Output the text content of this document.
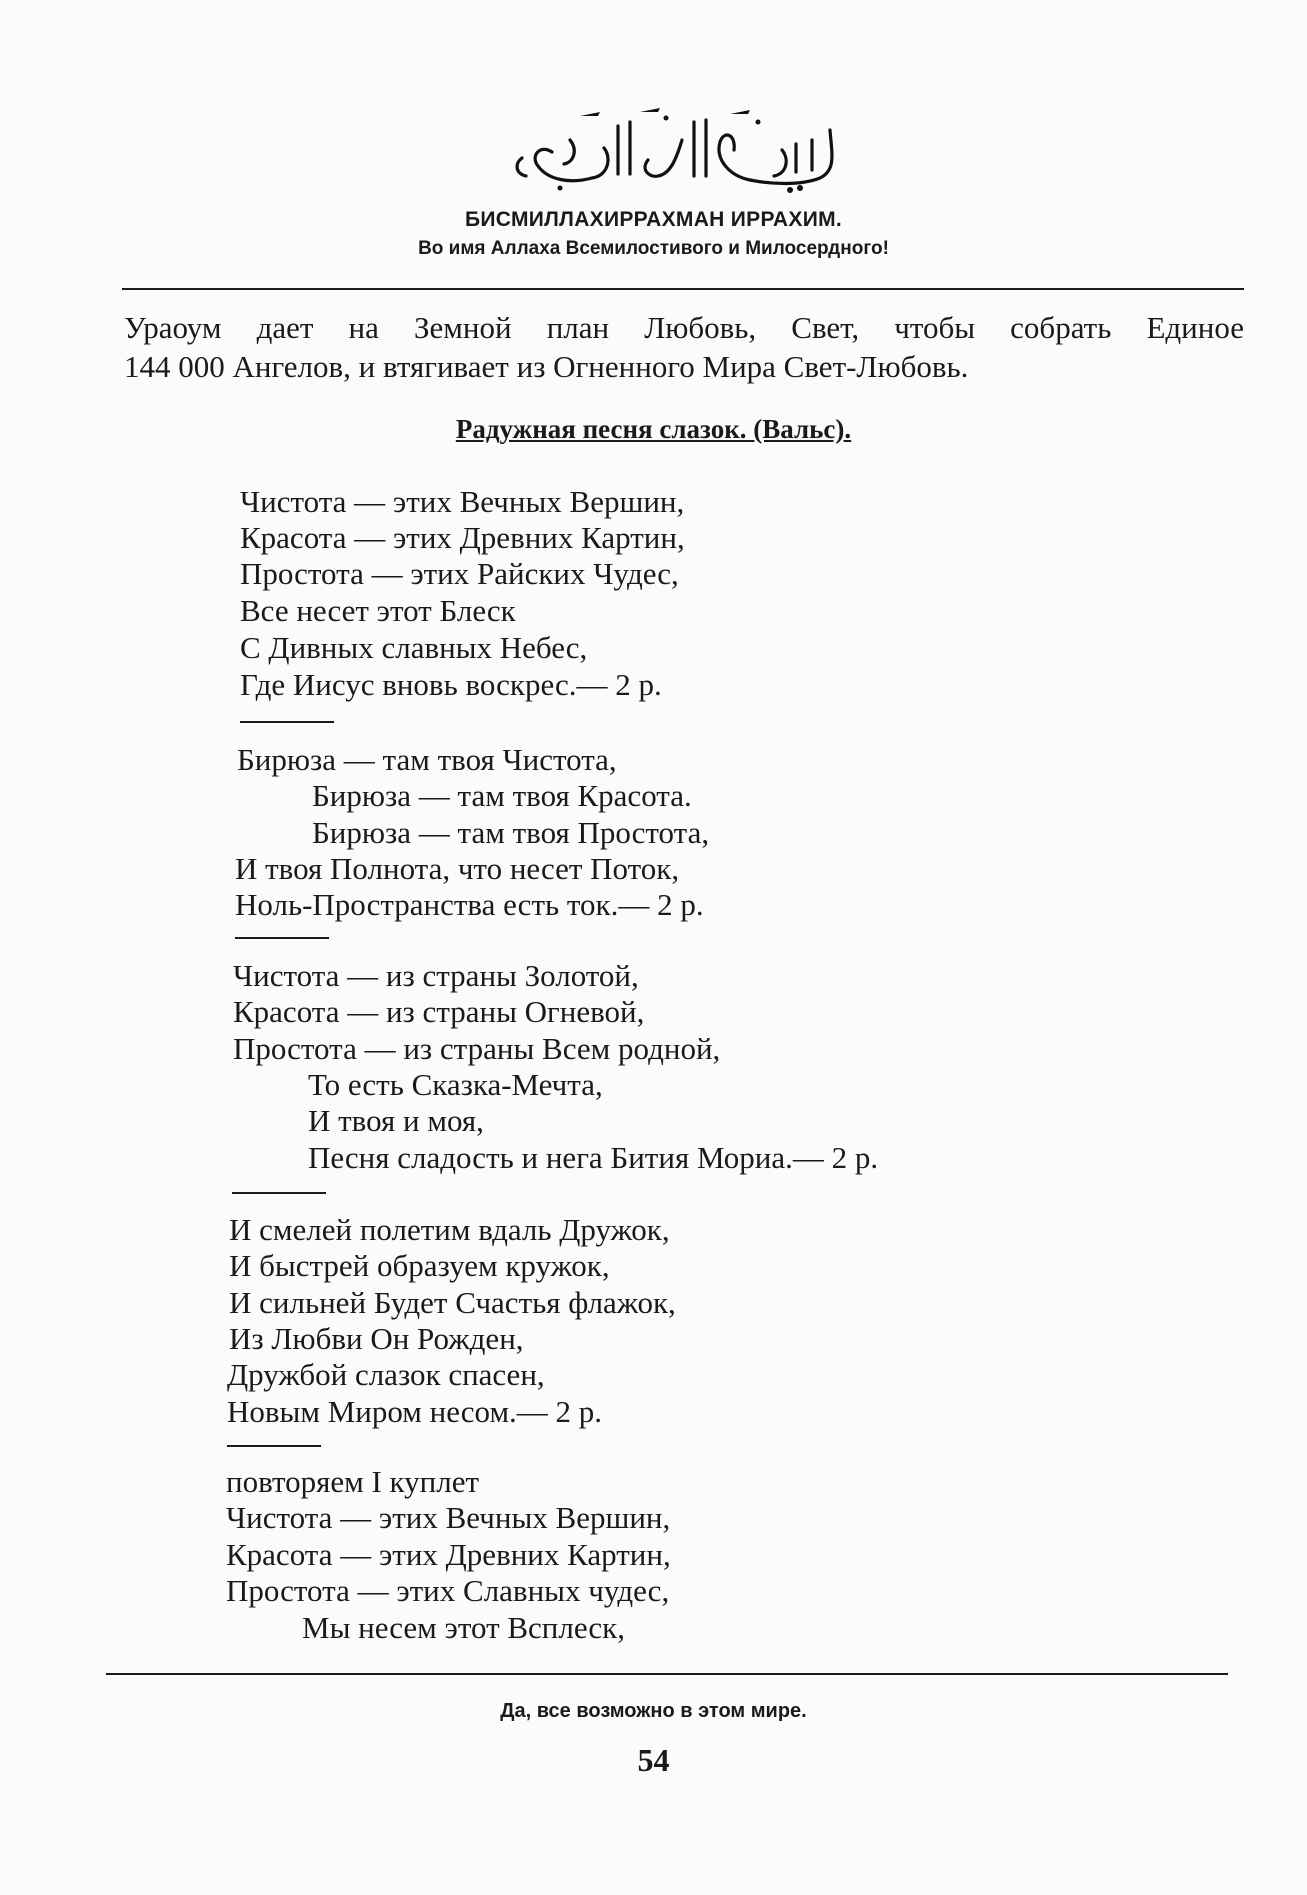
БИСМИЛЛАХИРРАХМАН ИРРАХИМ.
Во имя Аллаха Всемилостивого и Милосердного!
Ураоум дает на Земной план Любовь, Свет, чтобы собрать Единое
144 000 Ангелов, и втягивает из Огненного Мира Свет-Любовь.
Радужная песня слазок. (Вальс).
Чистота — этих Вечных Вершин,
Красота — этих Древних Картин,
Простота — этих Райских Чудес,
Все несет этот Блеск
С Дивных славных Небес,
Где Иисус вновь воскрес.— 2 р.
Бирюза — там твоя Чистота,
Бирюза — там твоя Красота.
Бирюза — там твоя Простота,
И твоя Полнота, что несет Поток,
Ноль-Пространства есть ток.— 2 р.
Чистота — из страны Золотой,
Красота — из страны Огневой,
Простота — из страны Всем родной,
То есть Сказка-Мечта,
И твоя и моя,
Песня сладость и нега Бития Мориа.— 2 р.
И смелей полетим вдаль Дружок,
И быстрей образуем кружок,
И сильней Будет Счастья флажок,
Из Любви Он Рожден,
Дружбой слазок спасен,
Новым Миром несом.— 2 р.
повторяем I куплет
Чистота — этих Вечных Вершин,
Красота — этих Древних Картин,
Простота — этих Славных чудес,
Мы несем этот Всплеск,
Да, все возможно в этом мире.
54
